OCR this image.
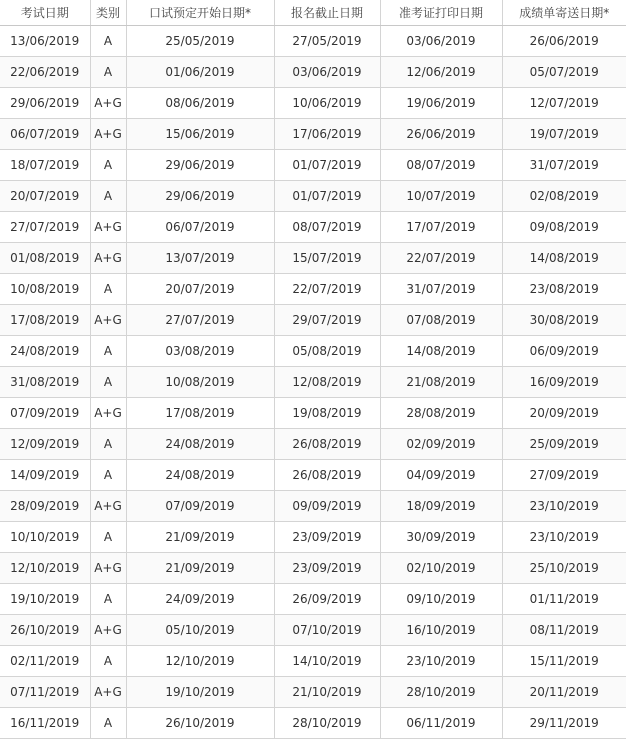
考试日期	类别	口试预定开始日期*	报名截止日期	准考证打印日期	成绩单寄送日期*
13/06/2019	A	25/05/2019	27/05/2019	03/06/2019	26/06/2019
22/06/2019	A	01/06/2019	03/06/2019	12/06/2019	05/07/2019
29/06/2019	A+G	08/06/2019	10/06/2019	19/06/2019	12/07/2019
06/07/2019	A+G	15/06/2019	17/06/2019	26/06/2019	19/07/2019
18/07/2019	A	29/06/2019	01/07/2019	08/07/2019	31/07/2019
20/07/2019	A	29/06/2019	01/07/2019	10/07/2019	02/08/2019
27/07/2019	A+G	06/07/2019	08/07/2019	17/07/2019	09/08/2019
01/08/2019	A+G	13/07/2019	15/07/2019	22/07/2019	14/08/2019
10/08/2019	A	20/07/2019	22/07/2019	31/07/2019	23/08/2019
17/08/2019	A+G	27/07/2019	29/07/2019	07/08/2019	30/08/2019
24/08/2019	A	03/08/2019	05/08/2019	14/08/2019	06/09/2019
31/08/2019	A	10/08/2019	12/08/2019	21/08/2019	16/09/2019
07/09/2019	A+G	17/08/2019	19/08/2019	28/08/2019	20/09/2019
12/09/2019	A	24/08/2019	26/08/2019	02/09/2019	25/09/2019
14/09/2019	A	24/08/2019	26/08/2019	04/09/2019	27/09/2019
28/09/2019	A+G	07/09/2019	09/09/2019	18/09/2019	23/10/2019
10/10/2019	A	21/09/2019	23/09/2019	30/09/2019	23/10/2019
12/10/2019	A+G	21/09/2019	23/09/2019	02/10/2019	25/10/2019
19/10/2019	A	24/09/2019	26/09/2019	09/10/2019	01/11/2019
26/10/2019	A+G	05/10/2019	07/10/2019	16/10/2019	08/11/2019
02/11/2019	A	12/10/2019	14/10/2019	23/10/2019	15/11/2019
07/11/2019	A+G	19/10/2019	21/10/2019	28/10/2019	20/11/2019
16/11/2019	A	26/10/2019	28/10/2019	06/11/2019	29/11/2019
